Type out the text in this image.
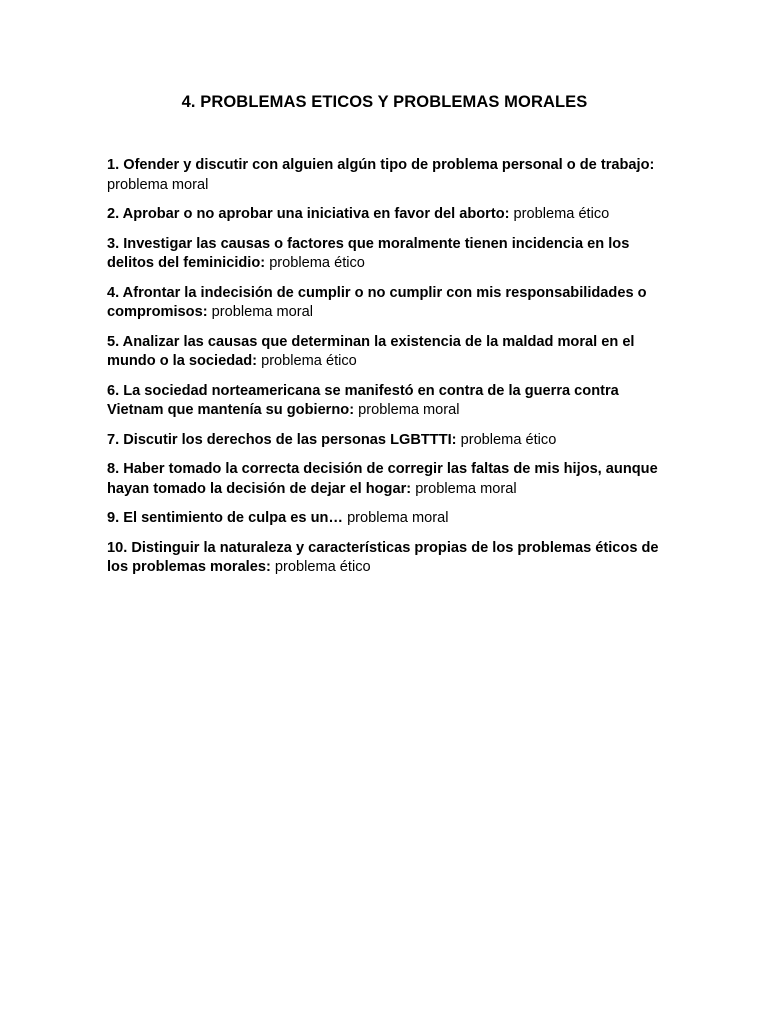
4. PROBLEMAS ETICOS Y PROBLEMAS MORALES
1. Ofender y discutir con alguien algún tipo de problema personal o de trabajo: problema moral
2. Aprobar o no aprobar una iniciativa en favor del aborto: problema ético
3. Investigar las causas o factores que moralmente tienen incidencia en los delitos del feminicidio: problema ético
4. Afrontar la indecisión de cumplir o no cumplir con mis responsabilidades o compromisos: problema moral
5. Analizar las causas que determinan la existencia de la maldad moral en el mundo o la sociedad: problema ético
6. La sociedad norteamericana se manifestó en contra de la guerra contra Vietnam que mantenía su gobierno: problema moral
7. Discutir los derechos de las personas LGBTTTI: problema ético
8. Haber tomado la correcta decisión de corregir las faltas de mis hijos, aunque hayan tomado la decisión de dejar el hogar: problema moral
9. El sentimiento de culpa es un… problema moral
10. Distinguir la naturaleza y características propias de los problemas éticos de los problemas morales: problema ético
